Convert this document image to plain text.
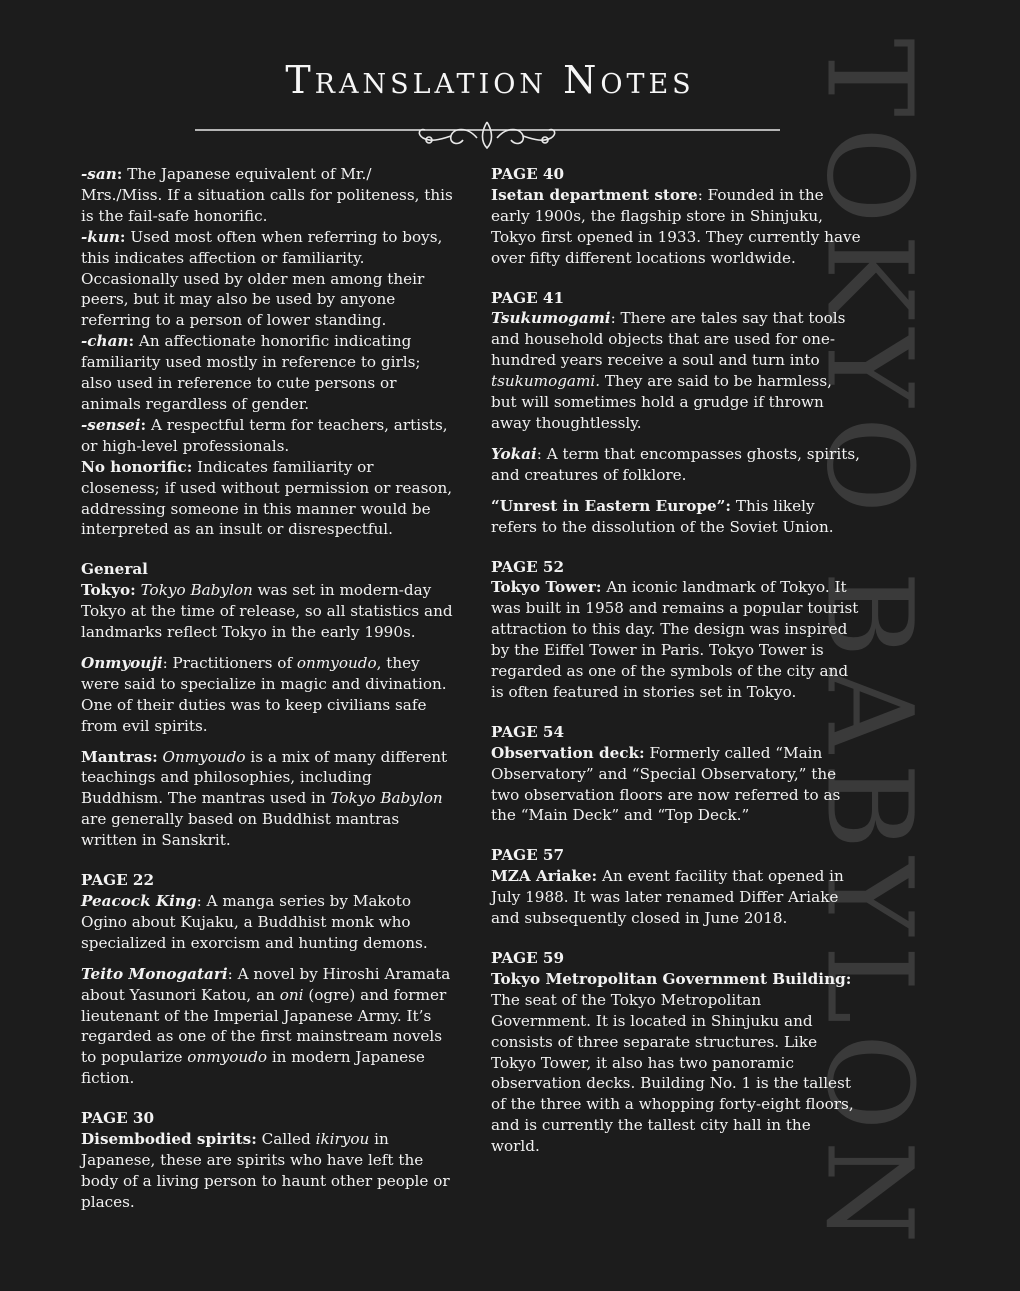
TOKYO BABYLON
Translation Notes

-san: The Japanese equivalent of Mr./ Mrs./Miss. If a situation calls for politeness, this is the fail-safe honorific.

-kun: Used most often when referring to boys, this indicates affection or familiarity. Occasionally used by older men among their peers, but it may also be used by anyone referring to a person of lower standing.

-chan: An affectionate honorific indicating familiarity used mostly in reference to girls; also used in reference to cute persons or animals regardless of gender.

-sensei: A respectful term for teachers, artists, or high-level professionals.

No honorific: Indicates familiarity or closeness; if used without permission or reason, addressing someone in this manner would be interpreted as an insult or disrespectful.

General

Tokyo: Tokyo Babylon was set in modern-day Tokyo at the time of release, so all statistics and landmarks reflect Tokyo in the early 1990s.

Onmyouji: Practitioners of onmyoudo, they were said to specialize in magic and divination. One of their duties was to keep civilians safe from evil spirits.

Mantras: Onmyoudo is a mix of many different teachings and philosophies, including Buddhism. The mantras used in Tokyo Babylon are generally based on Buddhist mantras written in Sanskrit.

PAGE 22

Peacock King: A manga series by Makoto Ogino about Kujaku, a Buddhist monk who specialized in exorcism and hunting demons.

Teito Monogatari: A novel by Hiroshi Aramata about Yasunori Katou, an oni (ogre) and former lieutenant of the Imperial Japanese Army. It’s regarded as one of the first mainstream novels to popularize onmyoudo in modern Japanese fiction.

PAGE 30

Disembodied spirits: Called ikiryou in Japanese, these are spirits who have left the body of a living person to haunt other people or places.

PAGE 40

Isetan department store: Founded in the early 1900s, the flagship store in Shinjuku, Tokyo first opened in 1933. They currently have over fifty different locations worldwide.

PAGE 41

Tsukumogami: There are tales say that tools and household objects that are used for one-hundred years receive a soul and turn into tsukumogami. They are said to be harmless, but will sometimes hold a grudge if thrown away thoughtlessly.

Yokai: A term that encompasses ghosts, spirits, and creatures of folklore.

“Unrest in Eastern Europe”: This likely refers to the dissolution of the Soviet Union.

PAGE 52

Tokyo Tower: An iconic landmark of Tokyo. It was built in 1958 and remains a popular tourist attraction to this day. The design was inspired by the Eiffel Tower in Paris. Tokyo Tower is regarded as one of the symbols of the city and is often featured in stories set in Tokyo.

PAGE 54

Observation deck: Formerly called “Main Observatory” and “Special Observatory,” the two observation floors are now referred to as the “Main Deck” and “Top Deck.”

PAGE 57

MZA Ariake: An event facility that opened in July 1988. It was later renamed Differ Ariake and subsequently closed in June 2018.

PAGE 59

Tokyo Metropolitan Government Building: The seat of the Tokyo Metropolitan Government. It is located in Shinjuku and consists of three separate structures. Like Tokyo Tower, it also has two panoramic observation decks. Building No. 1 is the tallest of the three with a whopping forty-eight floors, and is currently the tallest city hall in the world.
